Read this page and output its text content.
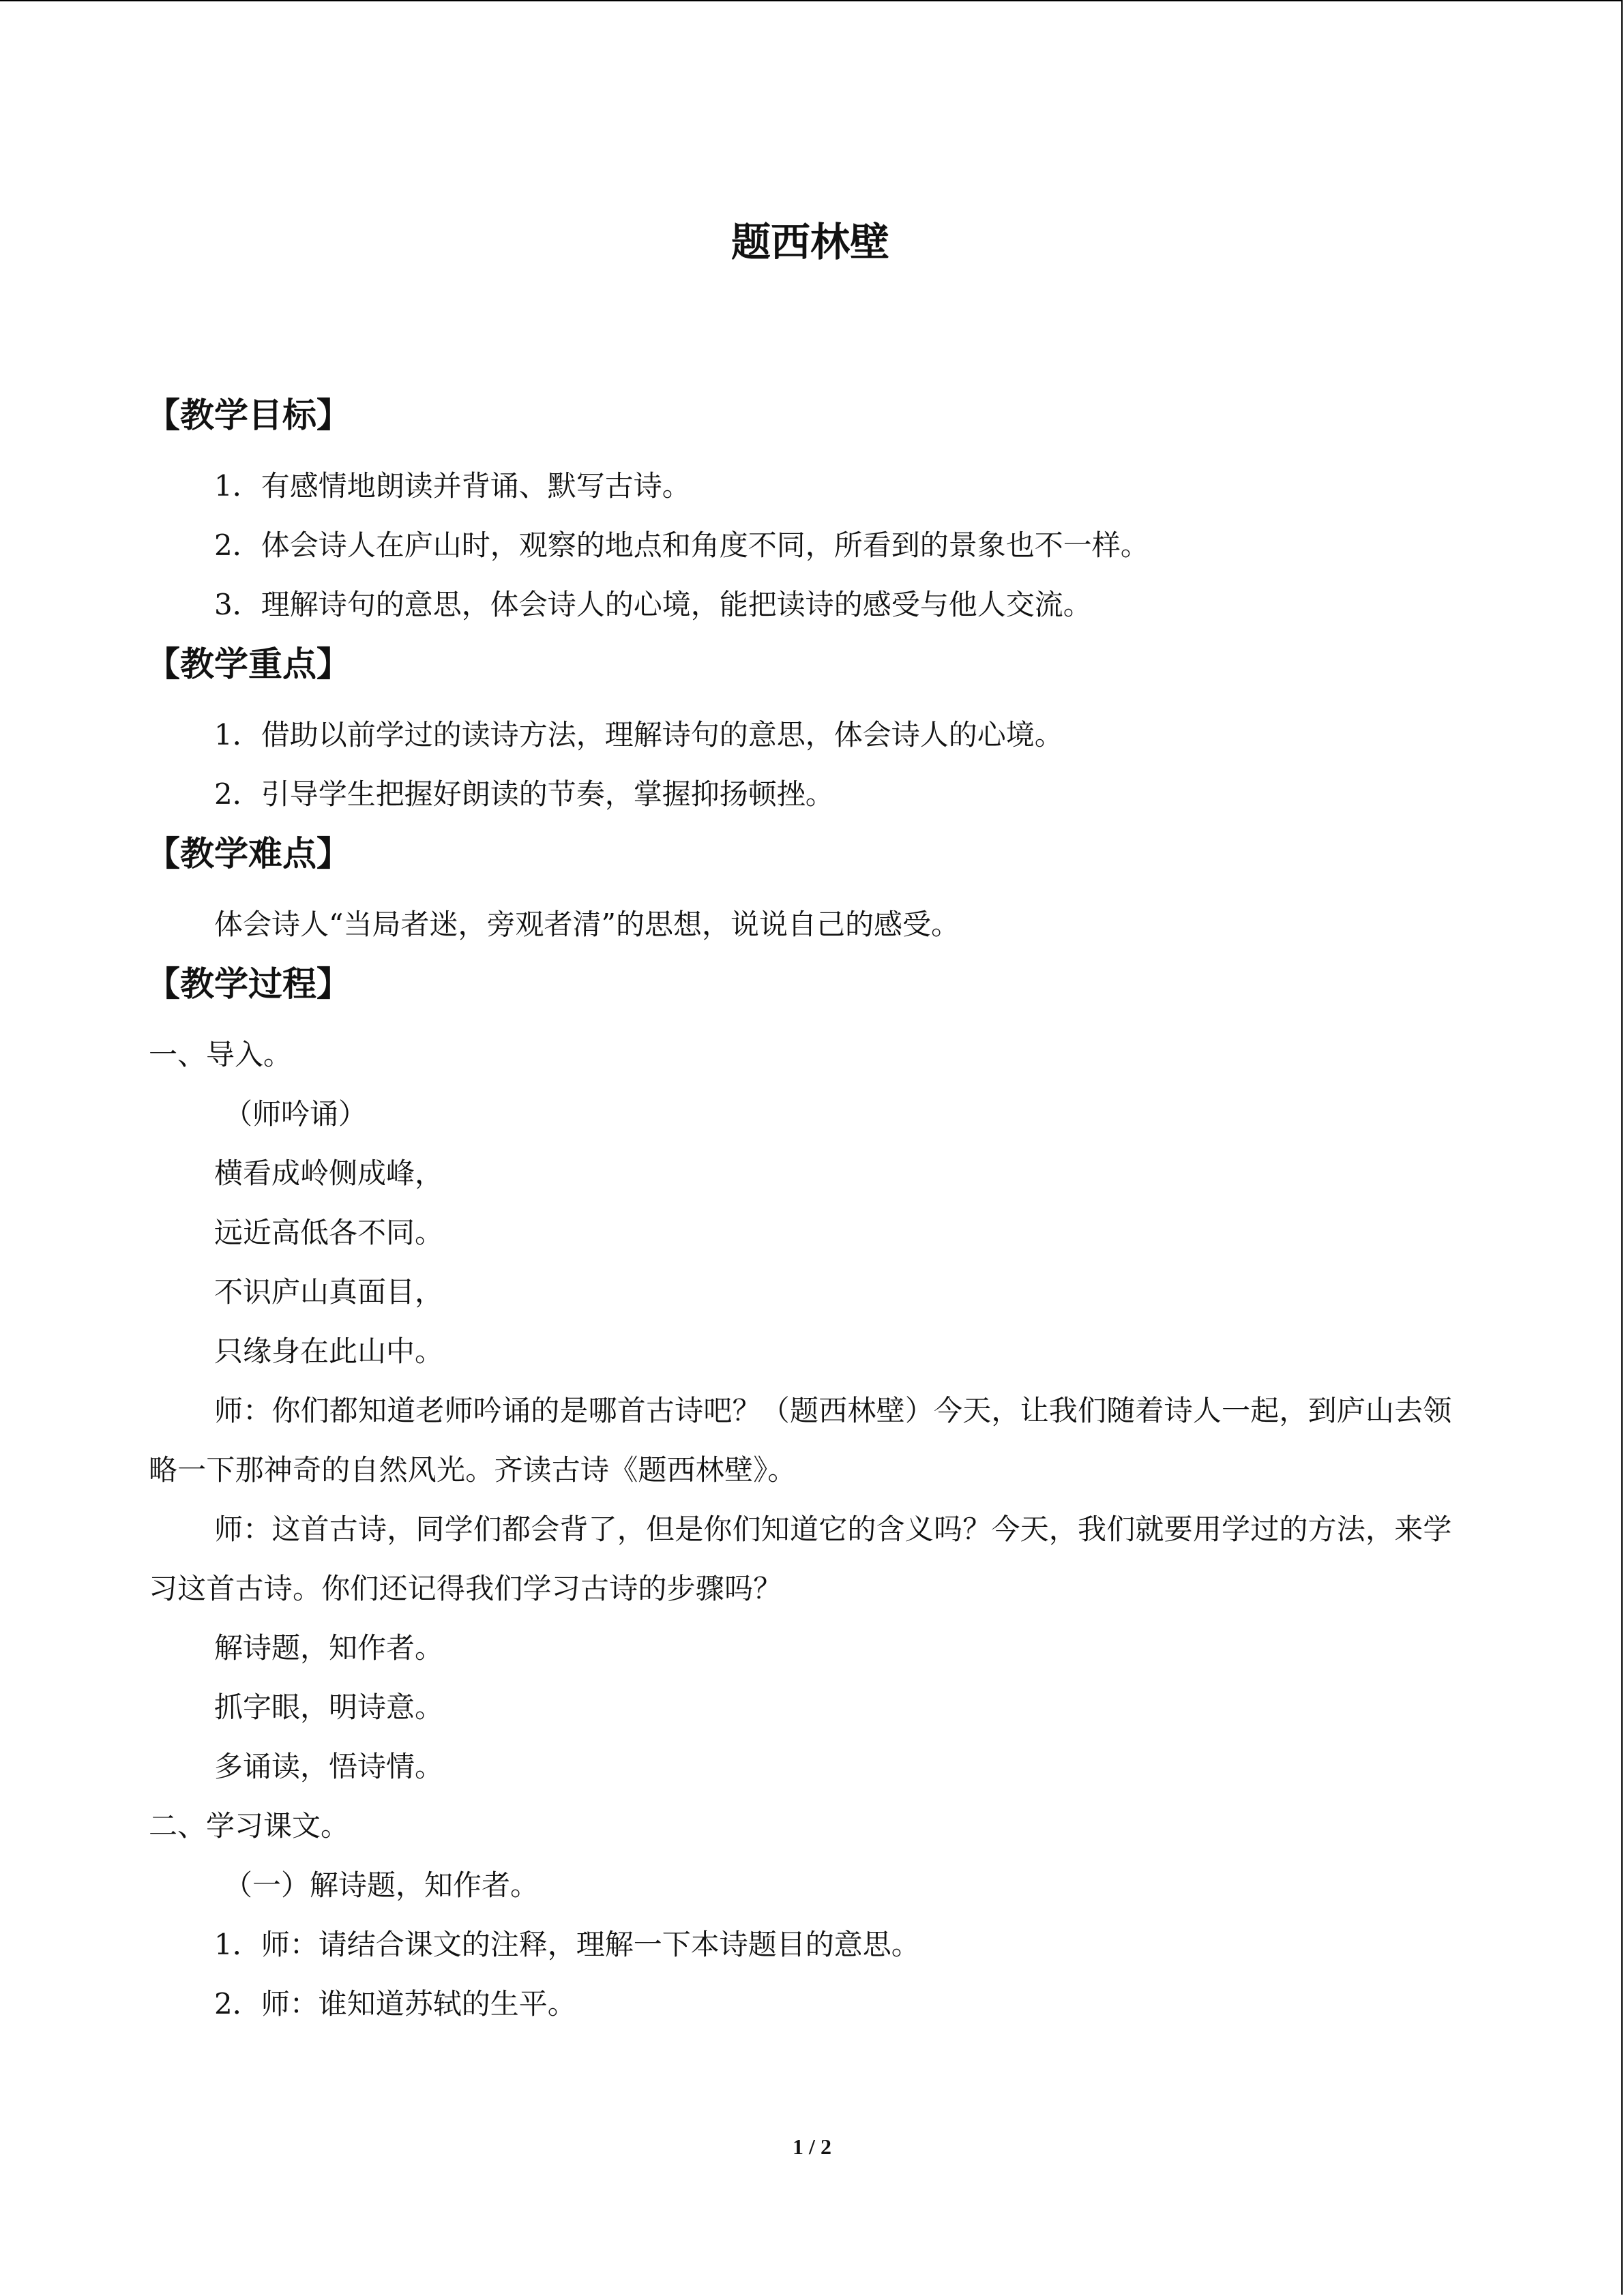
题西林壁
【教学目标】
1．有感情地朗读并背诵、默写古诗。
2．体会诗人在庐山时，观察的地点和角度不同，所看到的景象也不一样。
3．理解诗句的意思，体会诗人的心境，能把读诗的感受与他人交流。
【教学重点】
1．借助以前学过的读诗方法，理解诗句的意思，体会诗人的心境。
2．引导学生把握好朗读的节奏，掌握抑扬顿挫。
【教学难点】
体会诗人“当局者迷，旁观者清”的思想，说说自己的感受。
【教学过程】
一、导入。
（师吟诵）
横看成岭侧成峰，
远近高低各不同。
不识庐山真面目，
只缘身在此山中。
师：你们都知道老师吟诵的是哪首古诗吧？（题西林壁）今天，让我们随着诗人一起，到庐山去领略一下那神奇的自然风光。齐读古诗《题西林壁》。
师：这首古诗，同学们都会背了，但是你们知道它的含义吗？今天，我们就要用学过的方法，来学习这首古诗。你们还记得我们学习古诗的步骤吗？
解诗题，知作者。
抓字眼，明诗意。
多诵读，悟诗情。
二、学习课文。
（一）解诗题，知作者。
1．师：请结合课文的注释，理解一下本诗题目的意思。
2．师：谁知道苏轼的生平。
1 / 2
